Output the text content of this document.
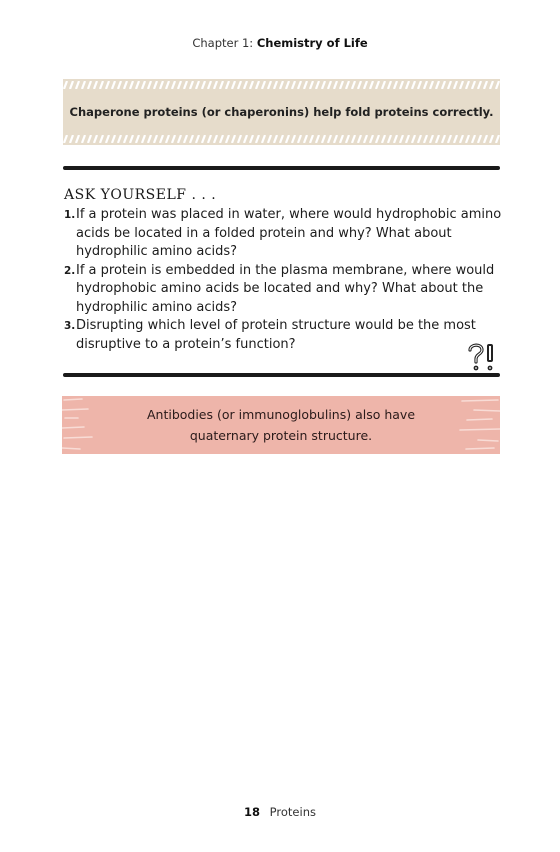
Chapter 1: Chemistry of Life
Chaperone proteins (or chaperonins) help fold proteins correctly.
ASK YOURSELF . . .
1. If a protein was placed in water, where would hydrophobic amino acids be located in a folded protein and why? What about hydrophilic amino acids?
2. If a protein is embedded in the plasma membrane, where would hydrophobic amino acids be located and why? What about the hydrophilic amino acids?
3. Disrupting which level of protein structure would be the most disruptive to a protein’s function?
Antibodies (or immunoglobulins) also have
quaternary protein structure.
18 Proteins
